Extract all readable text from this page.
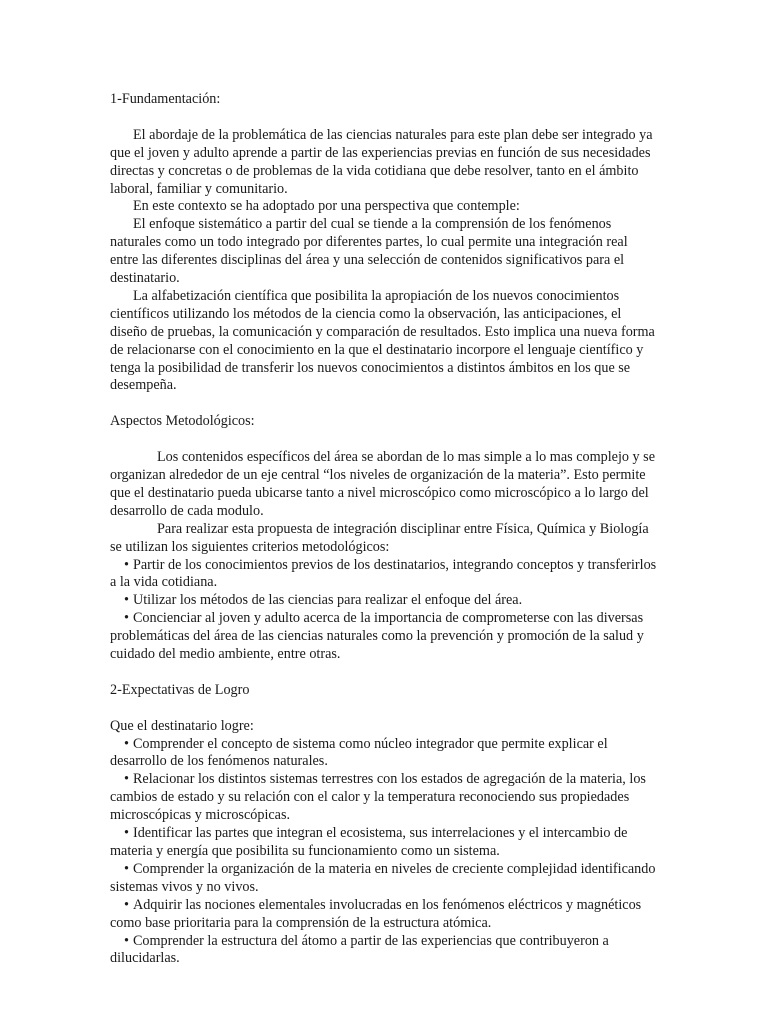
1-Fundamentación:

El abordaje de la problemática de las ciencias naturales para este plan debe ser integrado ya que el joven y adulto aprende a partir de las experiencias previas en función de sus necesidades directas y concretas o de problemas de la vida cotidiana que debe resolver, tanto en el ámbito laboral, familiar y comunitario.

En este contexto se ha adoptado por una perspectiva que contemple:

El enfoque sistemático a partir del cual se tiende a la comprensión de los fenómenos naturales como un todo integrado por diferentes partes, lo cual permite una integración real entre las diferentes disciplinas del área y una selección de contenidos significativos para el destinatario.

La alfabetización científica que posibilita la apropiación de los nuevos conocimientos científicos utilizando los métodos de la ciencia como la observación, las anticipaciones, el diseño de pruebas, la comunicación y comparación de resultados. Esto implica una nueva forma de relacionarse con el conocimiento en la que el destinatario incorpore el lenguaje científico y tenga la posibilidad de transferir los nuevos conocimientos a distintos ámbitos en los que se desempeña.

Aspectos Metodológicos:

Los contenidos específicos del área se abordan de lo mas simple a lo mas complejo y se organizan alrededor de un eje central “los niveles de organización de la materia”. Esto permite que el destinatario pueda ubicarse tanto a nivel microscópico como microscópico a lo largo del desarrollo de cada modulo.

Para realizar esta propuesta de integración disciplinar entre Física, Química y Biología se utilizan los siguientes criterios metodológicos:

• Partir de los conocimientos previos de los destinatarios, integrando conceptos y transferirlos a la vida cotidiana.

• Utilizar los métodos de las ciencias para realizar el enfoque del área.

• Concienciar al joven y adulto acerca de la importancia de comprometerse con las diversas problemáticas del área de las ciencias naturales como la prevención y promoción de la salud y cuidado del medio ambiente, entre otras.

2-Expectativas de Logro

Que el destinatario logre:

• Comprender el concepto de sistema como núcleo integrador que permite explicar el desarrollo de los fenómenos naturales.

• Relacionar los distintos sistemas terrestres con los estados de agregación de la materia, los cambios de estado y su relación con el calor y la temperatura reconociendo sus propiedades microscópicas y microscópicas.

• Identificar las partes que integran el ecosistema, sus interrelaciones y el intercambio de materia y energía que posibilita su funcionamiento como un sistema.

• Comprender la organización de la materia en niveles de creciente complejidad identificando sistemas vivos y no vivos.

• Adquirir las nociones elementales involucradas en los fenómenos eléctricos y magnéticos como base prioritaria para la comprensión de la estructura atómica.

• Comprender la estructura del átomo a partir de las experiencias que contribuyeron a dilucidarlas.
